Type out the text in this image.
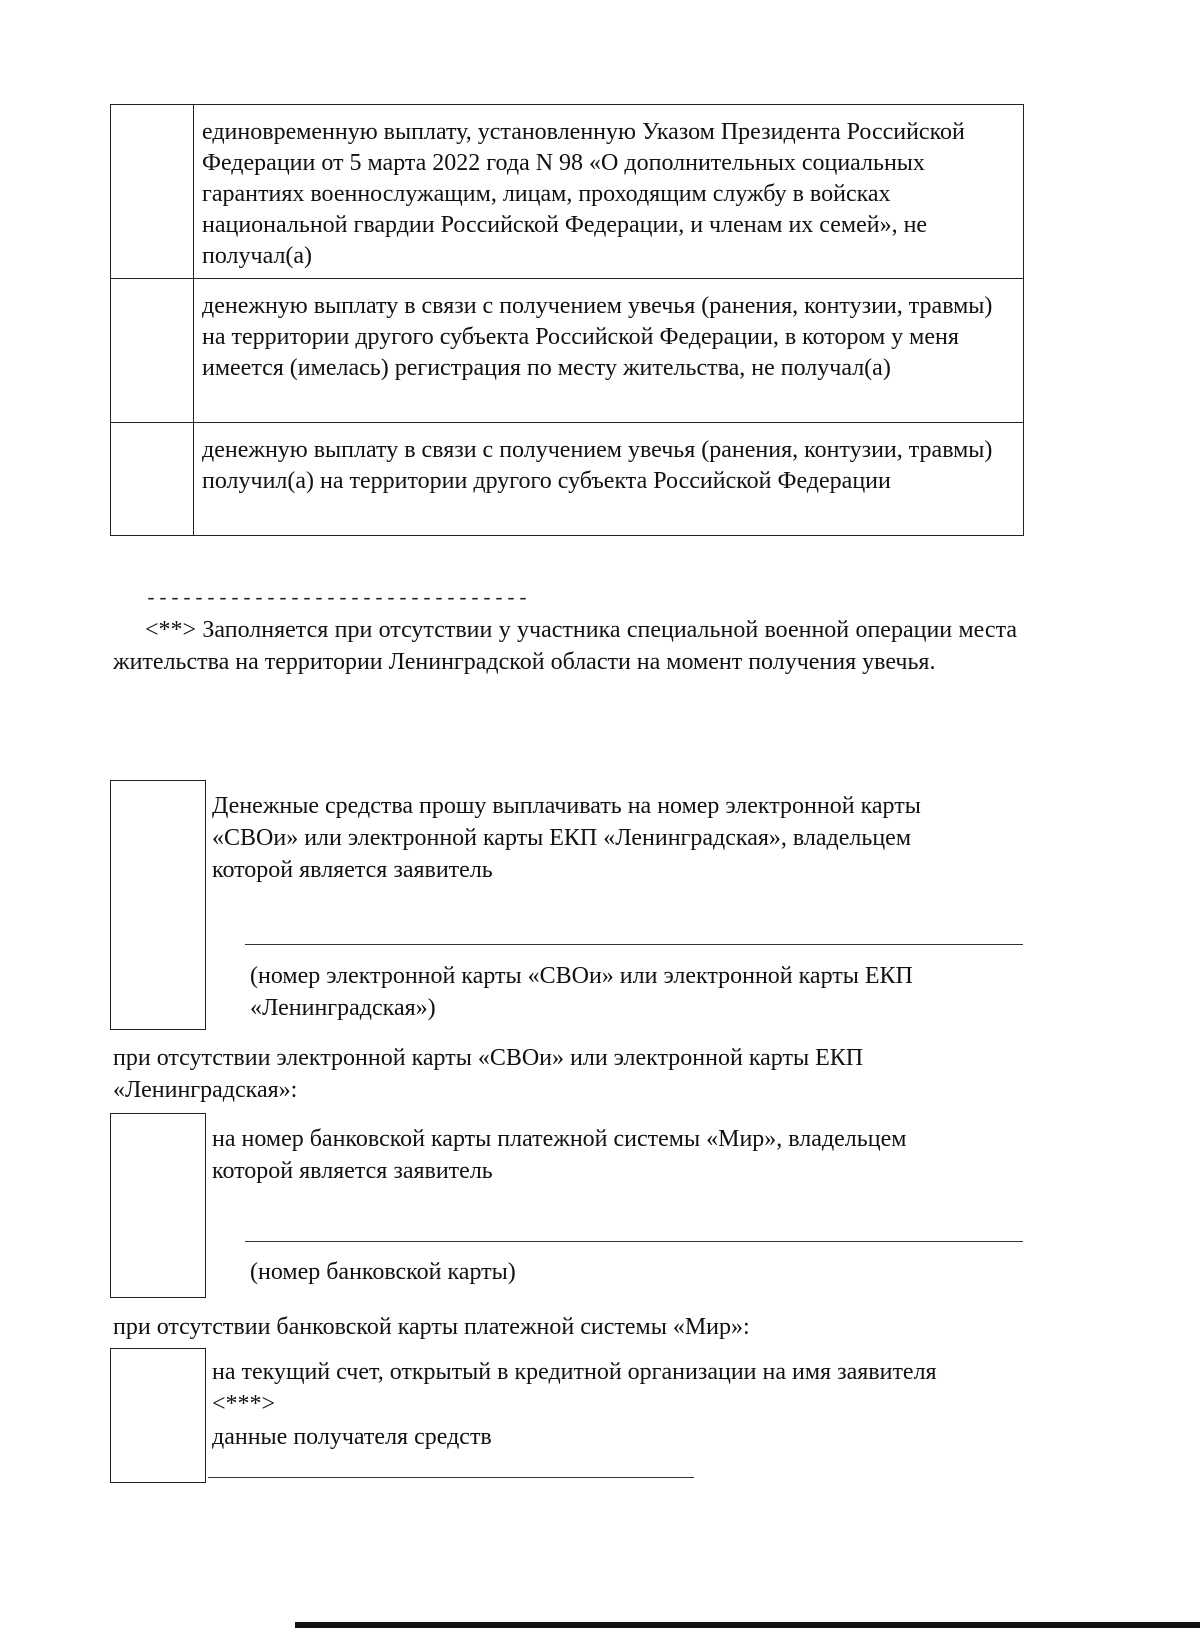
	единовременную выплату, установленную Указом Президента Российской Федерации от 5 марта 2022 года N 98 «О дополнительных социальных гарантиях военнослужащим, лицам, проходящим службу в войсках национальной гвардии Российской Федерации, и членам их семей», не получал(а)
	денежную выплату в связи с получением увечья (ранения, контузии, травмы) на территории другого субъекта Российской Федерации, в котором у меня имеется (имелась) регистрация по месту жительства, не получал(а)
	денежную выплату в связи с получением увечья (ранения, контузии, травмы) получил(а) на территории другого субъекта Российской Федерации
--------------------------------
<**> Заполняется при отсутствии у участника специальной военной операции места жительства на территории Ленинградской области на момент получения увечья.
Денежные средства прошу выплачивать на номер электронной карты «СВОи» или электронной карты ЕКП «Ленинградская», владельцем которой является заявитель
(номер электронной карты «СВОи» или электронной карты ЕКП «Ленинградская»)
при отсутствии электронной карты «СВОи» или электронной карты ЕКП «Ленинградская»:
на номер банковской карты платежной системы «Мир», владельцем которой является заявитель
(номер банковской карты)
при отсутствии банковской карты платежной системы «Мир»:
на текущий счет, открытый в кредитной организации на имя заявителя <***>
данные получателя средств
